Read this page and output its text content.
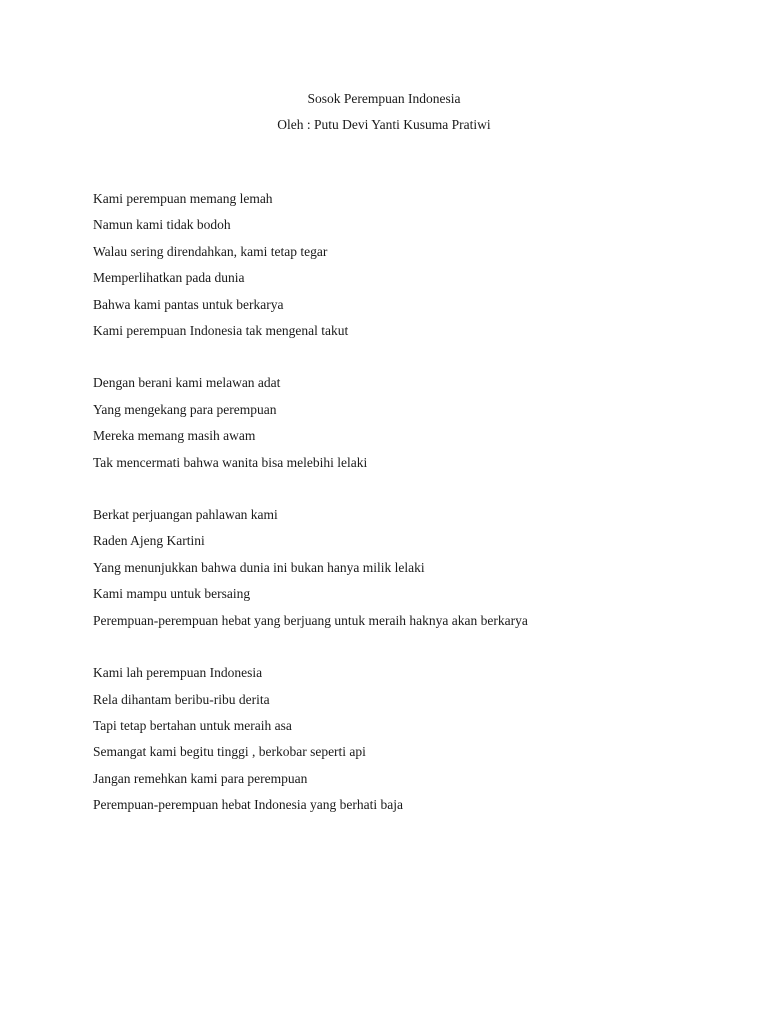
Sosok Perempuan Indonesia

Oleh : Putu Devi Yanti Kusuma Pratiwi

Kami perempuan memang lemah

Namun kami tidak bodoh

Walau sering direndahkan, kami tetap tegar

Memperlihatkan pada dunia

Bahwa kami pantas untuk berkarya

Kami perempuan Indonesia tak mengenal takut

Dengan berani kami melawan adat

Yang mengekang para perempuan

Mereka memang masih awam

Tak mencermati bahwa wanita bisa melebihi lelaki

Berkat perjuangan pahlawan kami

Raden Ajeng Kartini

Yang menunjukkan bahwa dunia ini bukan hanya milik lelaki

Kami mampu untuk bersaing

Perempuan-perempuan hebat yang berjuang untuk meraih haknya akan berkarya

Kami lah perempuan Indonesia

Rela dihantam beribu-ribu derita

Tapi tetap bertahan untuk meraih asa

Semangat kami begitu tinggi , berkobar seperti api

Jangan remehkan kami para perempuan

Perempuan-perempuan hebat Indonesia yang berhati baja
